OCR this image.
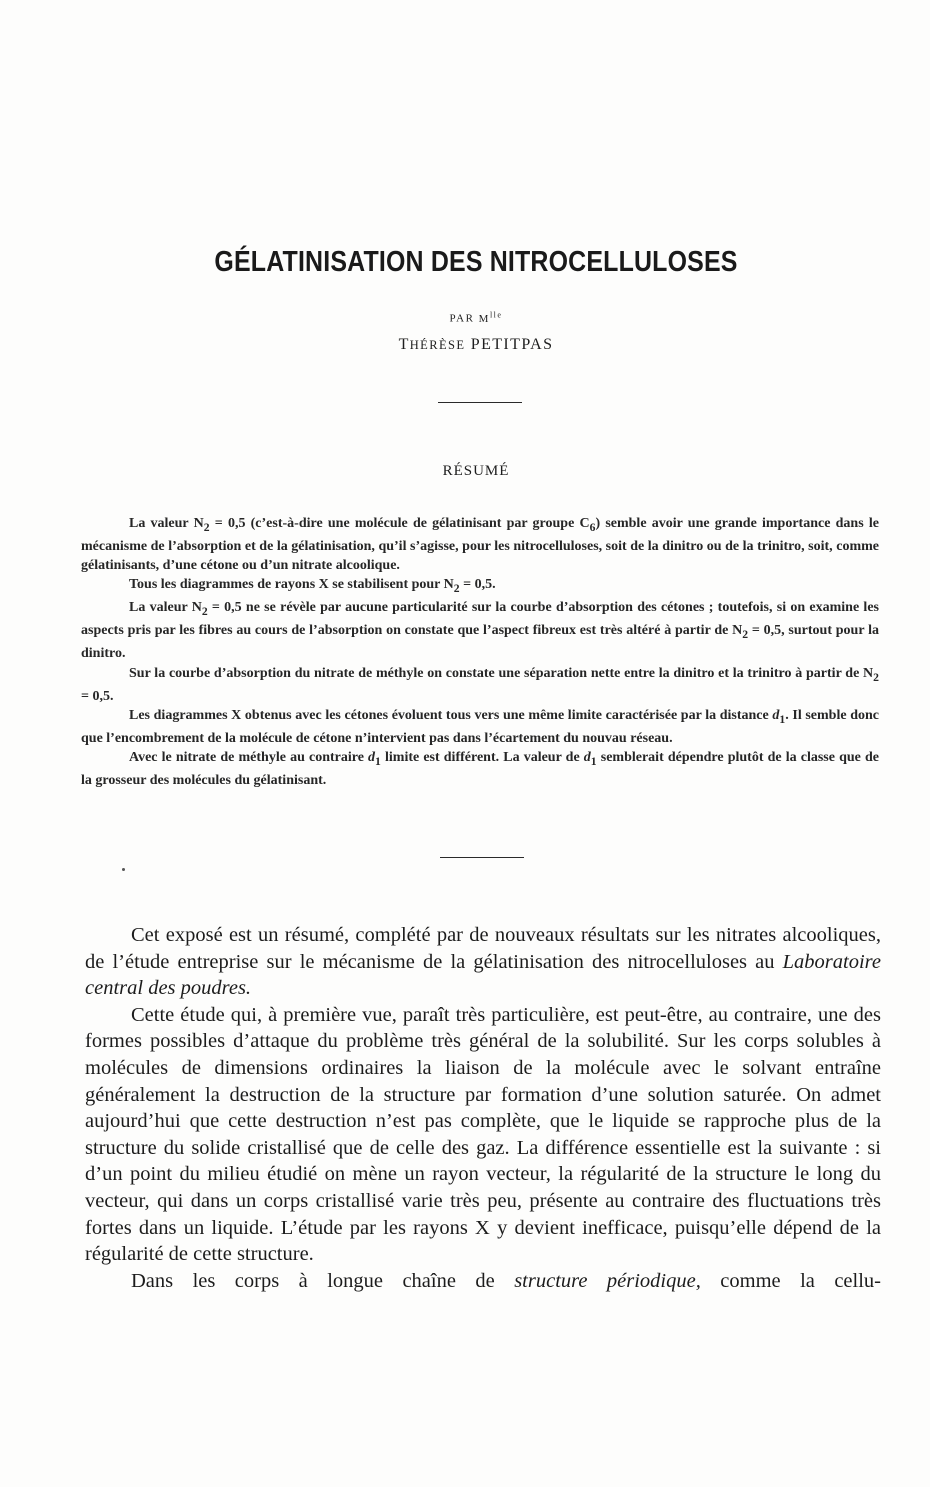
GÉLATINISATION DES NITROCELLULOSES
PAR $M^{lle}$
THÉRÈSE PETITPAS
RÉSUMÉ

La valeur $N_2 = 0,5$ (c’est-à-dire une molécule de gélatinisant par groupe $C_6$) semble avoir une grande importance dans le mécanisme de l’absorption et de la gélatinisation, qu’il s’agisse, pour les nitrocelluloses, soit de la dinitro ou de la trinitro, soit, comme gélatinisants, d’une cétone ou d’un nitrate alcoolique.

Tous les diagrammes de rayons X se stabilisent pour $N_2 = 0,5$.

La valeur $N_2 = 0,5$ ne se révèle par aucune particularité sur la courbe d’absorption des cétones ; toutefois, si on examine les aspects pris par les fibres au cours de l’absorption on constate que l’aspect fibreux est très altéré à partir de $N_2 = 0,5$, surtout pour la dinitro.

Sur la courbe d’absorption du nitrate de méthyle on constate une séparation nette entre la dinitro et la trinitro à partir de $N_2 = 0,5$.

Les diagrammes X obtenus avec les cétones évoluent tous vers une même limite caractérisée par la distance $d_1$. Il semble donc que l’encombrement de la molécule de cétone n’intervient pas dans l’écartement du nouvau réseau.

Avec le nitrate de méthyle au contraire $d_1$ limite est différent. La valeur de $d_1$ semblerait dépendre plutôt de la classe que de la grosseur des molécules du gélatinisant.

Cet exposé est un résumé, complété par de nouveaux résultats sur les nitrates alcooliques, de l’étude entreprise sur le mécanisme de la gélatinisation des nitrocelluloses au Laboratoire central des poudres.

Cette étude qui, à première vue, paraît très particulière, est peut-être, au contraire, une des formes possibles d’attaque du problème très général de la solubilité. Sur les corps solubles à molécules de dimensions ordinaires la liaison de la molécule avec le solvant entraîne généralement la destruction de la structure par formation d’une solution saturée. On admet aujourd’hui que cette destruction n’est pas complète, que le liquide se rapproche plus de la structure du solide cristallisé que de celle des gaz. La différence essentielle est la suivante : si d’un point du milieu étudié on mène un rayon vecteur, la régularité de la structure le long du vecteur, qui dans un corps cristallisé varie très peu, présente au contraire des fluctuations très fortes dans un liquide. L’étude par les rayons X y devient inefficace, puisqu’elle dépend de la régularité de cette structure.

Dans les corps à longue chaîne de structure périodique, comme la cellu-
